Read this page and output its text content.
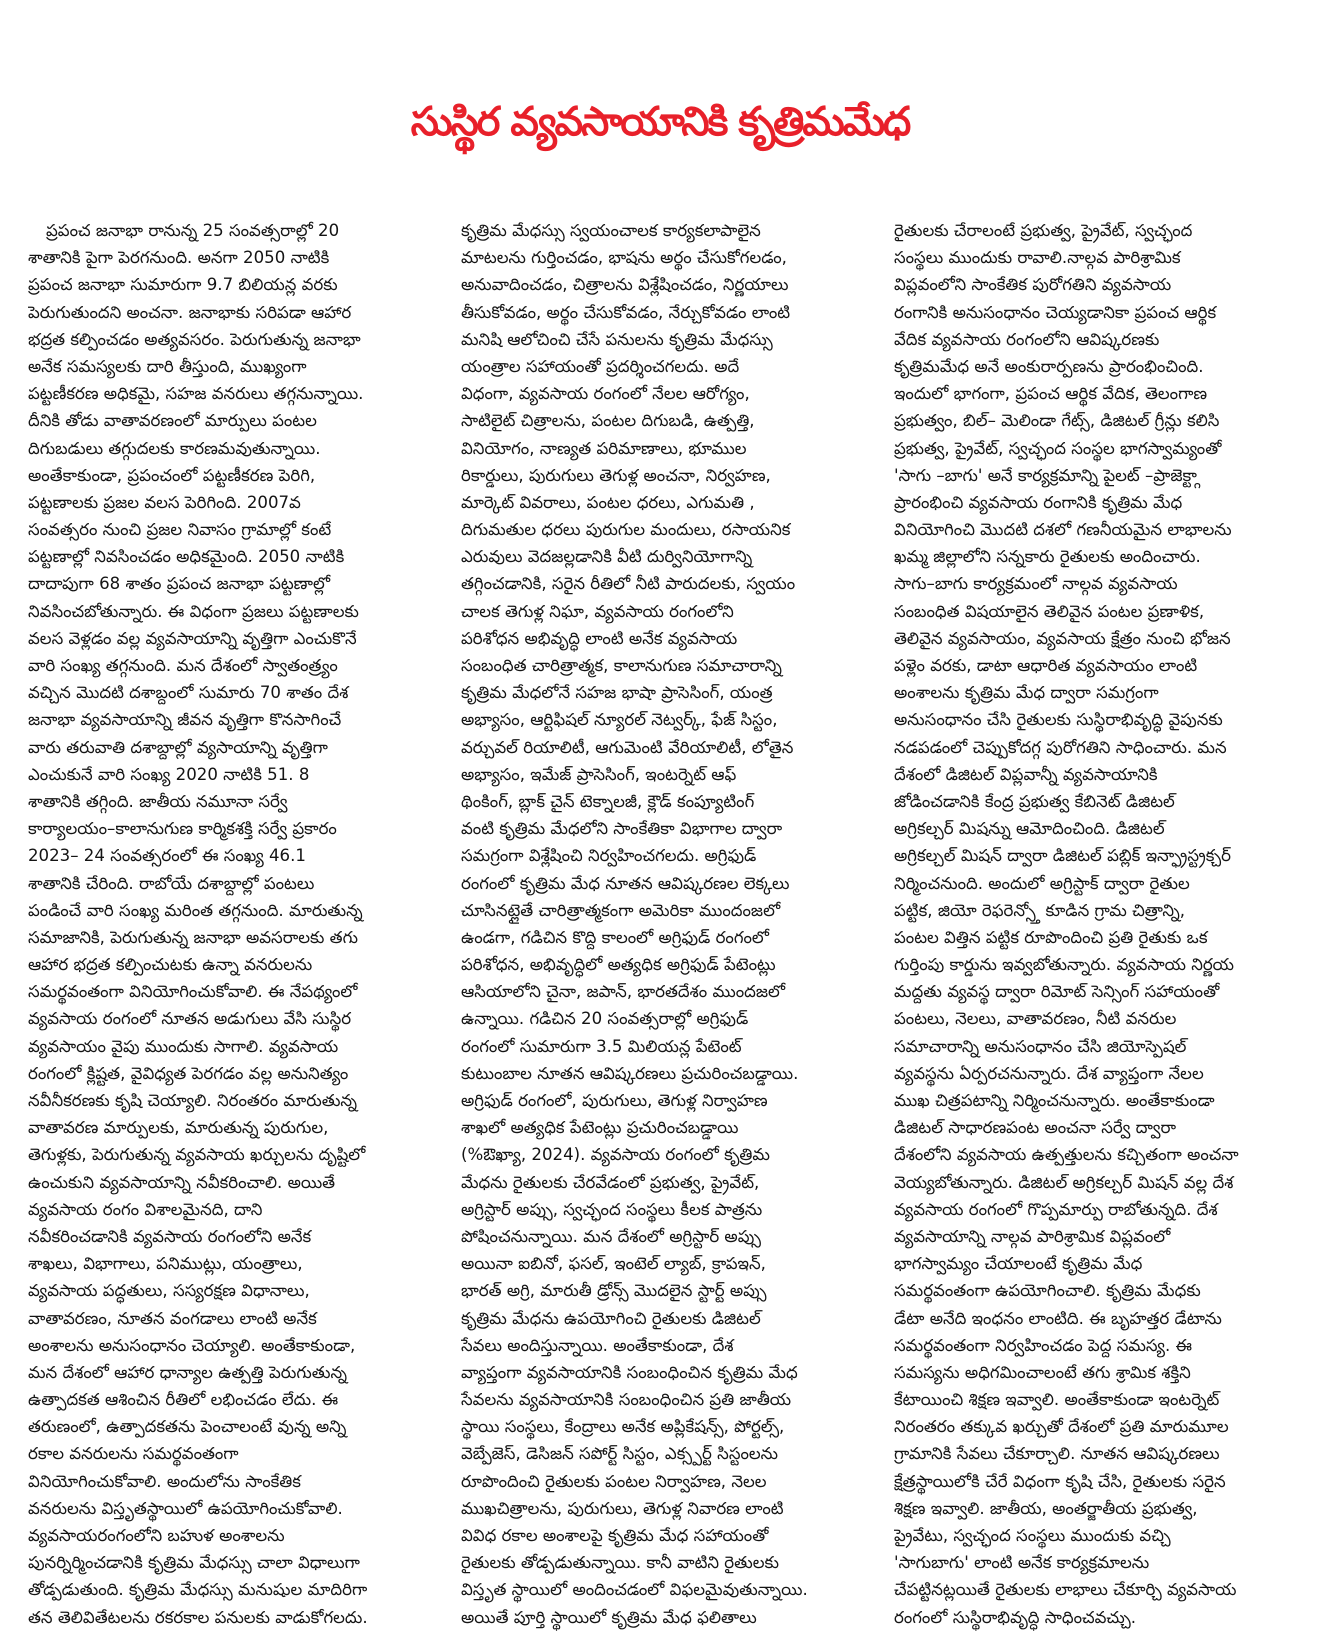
సుస్థిర వ్యవసాయానికి కృత్రిమమేధ
ప్రపంచ జనాభా రానున్న 25 సంవత్సరాల్లో 20
శాతానికి పైగా పెరగనుంది. అనగా 2050 నాటికి
ప్రపంచ జనాభా సుమారుగా 9.7 బిలియన్ల వరకు
పెరుగుతుందని అంచనా. జనాభాకు సరిపడా ఆహార
భద్రత కల్పించడం అత్యవసరం. పెరుగుతున్న జనాభా
అనేక సమస్యలకు దారి తీస్తుంది, ముఖ్యంగా
పట్టణీకరణ అధికమై, సహజ వనరులు తగ్గనున్నాయి.
దీనికి తోడు వాతావరణంలో మార్పులు పంటల
దిగుబడులు తగ్గుదలకు కారణమవుతున్నాయి.
అంతేకాకుండా, ప్రపంచంలో పట్టణీకరణ పెరిగి,
పట్టణాలకు ప్రజల వలస పెరిగింది. 2007వ
సంవత్సరం నుంచి ప్రజల నివాసం గ్రామాల్లో కంటే
పట్టణాల్లో నివసించడం అధికమైంది. 2050 నాటికి
దాదాపుగా 68 శాతం ప్రపంచ జనాభా పట్టణాల్లో
నివసించబోతున్నారు. ఈ విధంగా ప్రజలు పట్టణాలకు
వలస వెళ్లడం వల్ల వ్యవసాయాన్ని వృత్తిగా ఎంచుకొనే
వారి సంఖ్య తగ్గనుంది. మన దేశంలో స్వాతంత్ర్యం
వచ్చిన మొదటి దశాబ్దంలో సుమారు 70 శాతం దేశ
జనాభా వ్యవసాయాన్ని జీవన వృత్తిగా కొనసాగించే
వారు తరువాతి దశాబ్దాల్లో వ్యసాయాన్ని వృత్తిగా
ఎంచుకునే వారి సంఖ్య 2020 నాటికి 51. 8
శాతానికి తగ్గింది. జాతీయ నమూనా సర్వే
కార్యాలయం–కాలానుగుణ కార్మికశక్తి సర్వే ప్రకారం
2023– 24 సంవత్సరంలో ఈ సంఖ్య 46.1
శాతానికి చేరింది. రాబోయే దశాబ్దాల్లో పంటలు
పండించే వారి సంఖ్య మరింత తగ్గనుంది. మారుతున్న
సమాజానికి, పెరుగుతున్న జనాభా అవసరాలకు తగు
ఆహార భద్రత కల్పించుటకు ఉన్నా వనరులను
సమర్థవంతంగా వినియోగించుకోవాలి. ఈ నేపథ్యంలో
వ్యవసాయ రంగంలో నూతన అడుగులు వేసి సుస్థిర
వ్యవసాయం వైపు ముందుకు సాగాలి. వ్యవసాయ
రంగంలో క్లిష్టత, వైవిధ్యత పెరగడం వల్ల అనునిత్యం
నవీనీకరణకు కృషి చెయ్యాలి. నిరంతరం మారుతున్న
వాతావరణ మార్పులకు, మారుతున్న పురుగుల,
తెగుళ్లకు, పెరుగుతున్న వ్యవసాయ ఖర్చులను దృష్టిలో
ఉంచుకుని వ్యవసాయాన్ని నవీకరించాలి. అయితే
వ్యవసాయ రంగం విశాలమైనది, దాని
నవీకరించడానికి వ్యవసాయ రంగంలోని అనేక
శాఖలు, విభాగాలు, పనిముట్లు, యంత్రాలు,
వ్యవసాయ పద్ధతులు, సస్యరక్షణ విధానాలు,
వాతావరణం, నూతన వంగడాలు లాంటి అనేక
అంశాలను అనుసంధానం చెయ్యాలి. అంతేకాకుండా,
మన దేశంలో ఆహార ధాన్యాల ఉత్పత్తి పెరుగుతున్న
ఉత్పాదకత ఆశించిన రీతిలో లభించడం లేదు. ఈ
తరుణంలో, ఉత్పాదకతను పెంచాలంటే వున్న అన్ని
రకాల వనరులను సమర్థవంతంగా
వినియోగించుకోవాలి. అందులోను సాంకేతిక
వనరులను విస్తృతస్థాయిలో ఉపయోగించుకోవాలి.
వ్యవసాయరంగంలోని బహుళ అంశాలను
పునర్నిర్మించడానికి కృత్రిమ మేధస్సు చాలా విధాలుగా
తోడ్పడుతుంది. కృత్రిమ మేధస్సు మనుషుల మాదిరిగా
తన తెలివితేటలను రకరకాల పనులకు వాడుకోగలదు.
కృత్రిమ మేధస్సు స్వయంచాలక కార్యకలాపాలైన
మాటలను గుర్తించడం, భాషను అర్థం చేసుకోగలడం,
అనువాదించడం, చిత్రాలను విశ్లేషించడం, నిర్ణయాలు
తీసుకోవడం, అర్థం చేసుకోవడం, నేర్చుకోవడం లాంటి
మనిషి ఆలోచించి చేసే పనులను కృత్రిమ మేధస్సు
యంత్రాల సహాయంతో ప్రదర్శించగలదు. అదే
విధంగా, వ్యవసాయ రంగంలో నేలల ఆరోగ్యం,
సాటిలైట్ చిత్రాలను, పంటల దిగుబడి, ఉత్పత్తి,
వినియోగం, నాణ్యత పరిమాణాలు, భూముల
రికార్డులు, పురుగులు తెగుళ్ల అంచనా, నిర్వహణ,
మార్కెట్ వివరాలు, పంటల ధరలు, ఎగుమతి ,
దిగుమతుల ధరలు పురుగుల మందులు, రసాయనిక
ఎరువులు వెదజల్లడానికి వీటి దుర్వినియోగాన్ని
తగ్గించడానికి, సరైన రీతిలో నీటి పారుదలకు, స్వయం
చాలక తెగుళ్ల నిఘా, వ్యవసాయ రంగంలోని
పరిశోధన అభివృద్ధి లాంటి అనేక వ్యవసాయ
సంబంధిత చారిత్రాత్మక, కాలానుగుణ సమాచారాన్ని
కృత్రిమ మేధలోనే సహజ భాషా ప్రాసెసింగ్, యంత్ర
అభ్యాసం, ఆర్టిఫిషల్ న్యూరల్ నెట్వర్క్, ఫేజ్ సిస్టం,
వర్చువల్ రియాలిటీ, ఆగుమెంటి వేరియాలిటీ, లోతైన
అభ్యాసం, ఇమేజ్ ప్రాసెసింగ్, ఇంటర్నెట్ ఆఫ్
థింకింగ్, బ్లాక్ చైన్ టెక్నాలజీ, క్లౌడ్ కంప్యూటింగ్
వంటి కృత్రిమ మేధలోని సాంకేతికా విభాగాల ద్వారా
సమగ్రంగా విశ్లేషించి నిర్వహించగలదు. అగ్రిఫుడ్
రంగంలో కృత్రిమ మేధ నూతన ఆవిష్కరణల లెక్కలు
చూసినట్లైతే చారిత్రాత్మకంగా అమెరికా ముందంజలో
ఉండగా, గడిచిన కొద్ది కాలంలో అగ్రిఫుడ్ రంగంలో
పరిశోధన, అభివృద్ధిలో అత్యధిక అగ్రిఫుడ్ పేటెంట్లు
ఆసియాలోని చైనా, జపాన్, భారతదేశం ముందజలో
ఉన్నాయి. గడిచిన 20 సంవత్సరాల్లో అగ్రిఫుడ్
రంగంలో సుమారుగా 3.5 మిలియన్ల పేటెంట్
కుటుంబాల నూతన ఆవిష్కరణలు ప్రచురించబడ్డాయి.
అగ్రిఫుడ్ రంగంలో, పురుగులు, తెగుళ్ల నిర్వాహణ
శాఖలో అత్యధిక పేటెంట్లు ప్రచురించబడ్డాయి
(%ఔఖ్యా, 2024). వ్యవసాయ రంగంలో కృత్రిమ
మేధను రైతులకు చేరవేడంలో ప్రభుత్వ, ప్రైవేట్,
అగ్రిస్టార్ అప్సు, స్వచ్ఛంద సంస్థలు కీలక పాత్రను
పోషించనున్నాయి. మన దేశంలో అగ్రిస్టార్ అప్సు
అయినా ఐబినో, ఫసల్, ఇంటెల్ ల్యాబ్, క్రాపఇన్,
భారత్ అగ్రి, మారుతీ డ్రోన్స్ మొదలైన స్టార్ట్ అప్సు
కృత్రిమ మేధను ఉపయోగించి రైతులకు డిజిటల్
సేవలు అందిస్తున్నాయి. అంతేకాకుండా, దేశ
వ్యాప్తంగా వ్యవసాయానికి సంబంధించిన కృత్రిమ మేధ
సేవలను వ్యవసాయానికి సంబంధించిన ప్రతి జాతీయ
స్థాయి సంస్థలు, కేంద్రాలు అనేక అప్లికేషన్స్, పోర్టల్స్,
వెబ్పేజెస్, డెసిజన్ సపోర్ట్ సిస్టం, ఎక్స్పర్ట్ సిస్టంలను
రూపొందించి రైతులకు పంటల నిర్వాహణ, నెలల
ముఖచిత్రాలను, పురుగులు, తెగుళ్ల నివారణ లాంటి
వివిధ రకాల అంశాలపై కృత్రిమ మేధ సహాయంతో
రైతులకు తోడ్పడుతున్నాయి. కానీ వాటిని రైతులకు
విస్తృత స్థాయిలో అందించడంలో విఫలమైవుతున్నాయి.
అయితే పూర్తి స్థాయిలో కృత్రిమ మేధ ఫలితాలు
రైతులకు చేరాలంటే ప్రభుత్వ, ప్రైవేట్, స్వచ్ఛంద
సంస్థలు ముందుకు రావాలి.నాల్గవ పారిశ్రామిక
విప్లవంలోని సాంకేతిక పురోగతిని వ్యవసాయ
రంగానికి అనుసంధానం చెయ్యడానికా ప్రపంచ ఆర్థిక
వేదిక వ్యవసాయ రంగంలోని ఆవిష్కరణకు
కృత్రిమమేధ అనే అంకురార్పణను ప్రారంభించింది.
ఇందులో భాగంగా, ప్రపంచ ఆర్థిక వేదిక, తెలంగాణ
ప్రభుత్వం, బిల్– మెలిండా గేట్స్, డిజిటల్ గ్రీన్లు కలిసి
ప్రభుత్వ, ప్రైవేట్, స్వచ్ఛంద సంస్థల భాగస్వామ్యంతో
'సాగు –బాగు' అనే కార్యక్రమాన్ని పైలట్ –ప్రాజెక్ట్గా
ప్రారంభించి వ్యవసాయ రంగానికి కృత్రిమ మేధ
వినియోగించి మొదటి దశలో గణనీయమైన లాభాలను
ఖమ్మ జిల్లాలోని సన్నకారు రైతులకు అందించారు.
సాగు–బాగు కార్యక్రమంలో నాల్గవ వ్యవసాయ
సంబంధిత విషయాలైన తెలివైన పంటల ప్రణాళిక,
తెలివైన వ్యవసాయం, వ్యవసాయ క్షేత్రం నుంచి భోజన
పళ్లెం వరకు, డాటా ఆధారిత వ్యవసాయం లాంటి
అంశాలను కృత్రిమ మేధ ద్వారా సమగ్రంగా
అనుసంధానం చేసి రైతులకు సుస్థిరాభివృద్ధి వైపునకు
నడపడంలో చెప్పుకోదగ్గ పురోగతిని సాధించారు. మన
దేశంలో డిజిటల్ విప్లవాన్నీ వ్యవసాయానికి
జోడించడానికి కేంద్ర ప్రభుత్వ కేబినెట్ డిజిటల్
అగ్రికల్చర్ మిషన్ను ఆమోదించింది. డిజిటల్
అగ్రికల్చల్ మిషన్ ద్వారా డిజిటల్ పబ్లిక్ ఇన్ఫ్రాస్ట్రక్చర్
నిర్మించనుంది. అందులో అగ్రిస్టాక్ ద్వారా రైతుల
పట్టిక, జియో రెఫరెన్స్తో కూడిన గ్రామ చిత్రాన్ని,
పంటల విత్తిన పట్టిక రూపొందించి ప్రతి రైతుకు ఒక
గుర్తింపు కార్డును ఇవ్వబోతున్నారు. వ్యవసాయ నిర్ణయ
మద్దతు వ్యవస్థ ద్వారా రిమోట్ సెన్సింగ్ సహాయంతో
పంటలు, నెలలు, వాతావరణం, నీటి వనరుల
సమాచారాన్ని అనుసంధానం చేసి జియోస్పెషల్
వ్యవస్థను ఏర్పరచనున్నారు. దేశ వ్యాప్తంగా నేలల
ముఖ చిత్రపటాన్ని నిర్మించనున్నారు. అంతేకాకుండా
డిజిటల్ సాధారణపంట అంచనా సర్వే ద్వారా
దేశంలోని వ్యవసాయ ఉత్పత్తులను కచ్చితంగా అంచనా
వెయ్యబోతున్నారు. డిజిటల్ అగ్రికల్చర్ మిషన్ వల్ల దేశ
వ్యవసాయ రంగంలో గొప్పమార్పు రాబోతున్నది. దేశ
వ్యవసాయాన్ని నాల్గవ పారిశ్రామిక విప్లవంలో
భాగస్వామ్యం చేయాలంటే కృత్రిమ మేధ
సమర్థవంతంగా ఉపయోగించాలి. కృత్రిమ మేధకు
డేటా అనేది ఇంధనం లాంటిది. ఈ బృహత్తర డేటాను
సమర్థవంతంగా నిర్వహించడం పెద్ద సమస్య. ఈ
సమస్యను అధిగమించాలంటే తగు శ్రామిక శక్తిని
కేటాయించి శిక్షణ ఇవ్వాలి. అంతేకాకుండా ఇంటర్నెట్
నిరంతరం తక్కువ ఖర్చుతో దేశంలో ప్రతి మారుమూల
గ్రామానికి సేవలు చేకూర్చాలి. నూతన ఆవిష్కరణలు
క్షేత్రస్థాయిలోకి చేరే విధంగా కృషి చేసి, రైతులకు సరైన
శిక్షణ ఇవ్వాలి. జాతీయ, అంతర్జాతీయ ప్రభుత్వ,
ప్రైవేటు, స్వచ్ఛంద సంస్థలు ముందుకు వచ్చి
'సాగుబాగు' లాంటి అనేక కార్యక్రమాలను
చేపట్టినట్లయితే రైతులకు లాభాలు చేకూర్చి వ్యవసాయ
రంగంలో సుస్థిరాభివృద్ధి సాధించవచ్చు.
